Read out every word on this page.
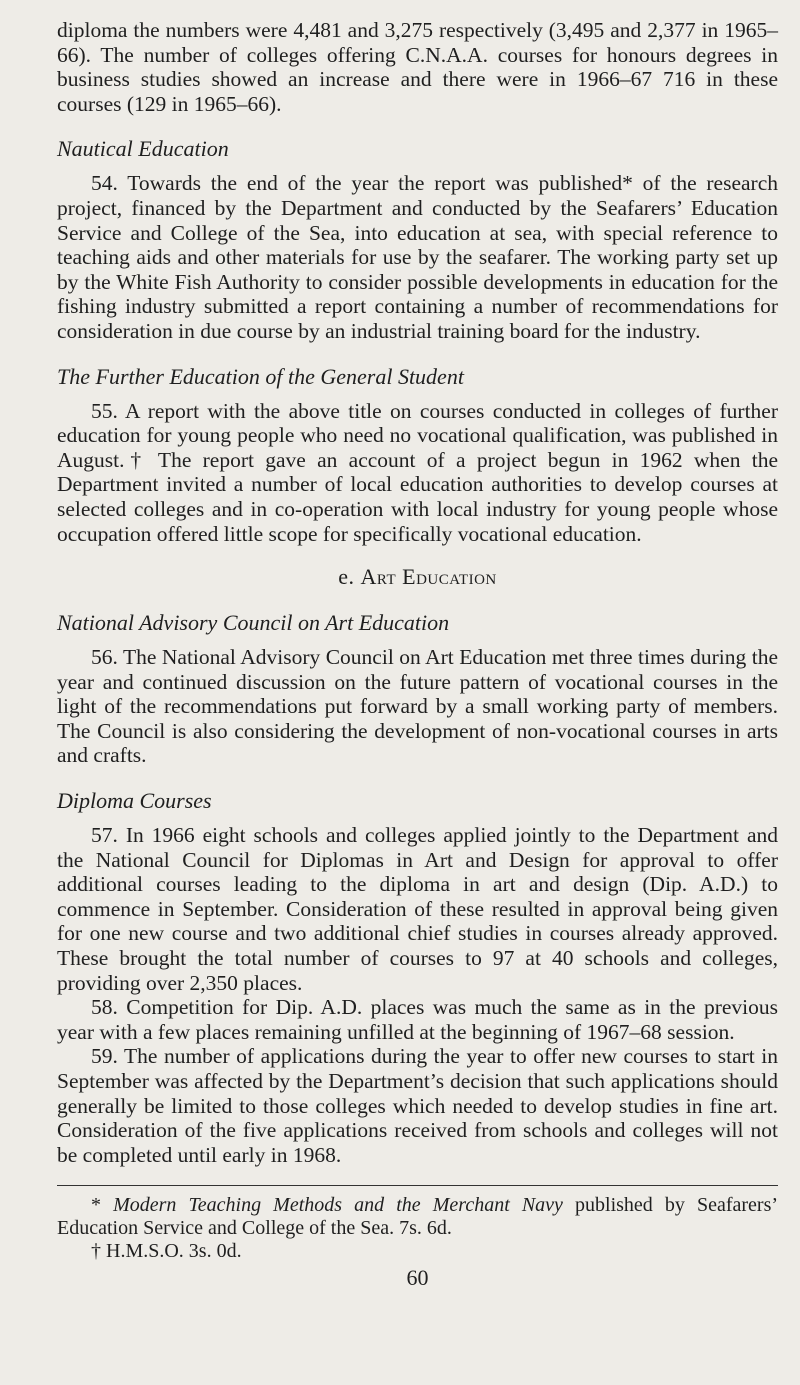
diploma the numbers were 4,481 and 3,275 respectively (3,495 and 2,377 in 1965–66). The number of colleges offering C.N.A.A. courses for honours degrees in business studies showed an increase and there were in 1966–67 716 in these courses (129 in 1965–66).

Nautical Education

54. Towards the end of the year the report was published* of the research project, financed by the Department and conducted by the Seafarers’ Education Service and College of the Sea, into education at sea, with special reference to teaching aids and other materials for use by the seafarer. The working party set up by the White Fish Authority to consider possible developments in education for the fishing industry submitted a report containing a number of recommendations for consideration in due course by an industrial training board for the industry.

The Further Education of the General Student

55. A report with the above title on courses conducted in colleges of further education for young people who need no vocational qualification, was published in August.† The report gave an account of a project begun in 1962 when the Department invited a number of local education authorities to develop courses at selected colleges and in co-operation with local industry for young people whose occupation offered little scope for specifically vocational education.

e. Art Education
National Advisory Council on Art Education

56. The National Advisory Council on Art Education met three times during the year and continued discussion on the future pattern of vocational courses in the light of the recommendations put forward by a small working party of members. The Council is also considering the development of non-vocational courses in arts and crafts.

Diploma Courses

57. In 1966 eight schools and colleges applied jointly to the Department and the National Council for Diplomas in Art and Design for approval to offer additional courses leading to the diploma in art and design (Dip. A.D.) to commence in September. Consideration of these resulted in approval being given for one new course and two additional chief studies in courses already approved. These brought the total number of courses to 97 at 40 schools and colleges, providing over 2,350 places.

58. Competition for Dip. A.D. places was much the same as in the previous year with a few places remaining unfilled at the beginning of 1967–68 session.

59. The number of applications during the year to offer new courses to start in September was affected by the Department’s decision that such applications should generally be limited to those colleges which needed to develop studies in fine art. Consideration of the five applications received from schools and colleges will not be completed until early in 1968.

* Modern Teaching Methods and the Merchant Navy published by Seafarers’ Education Service and College of the Sea. 7s. 6d.

† H.M.S.O. 3s. 0d.

60
